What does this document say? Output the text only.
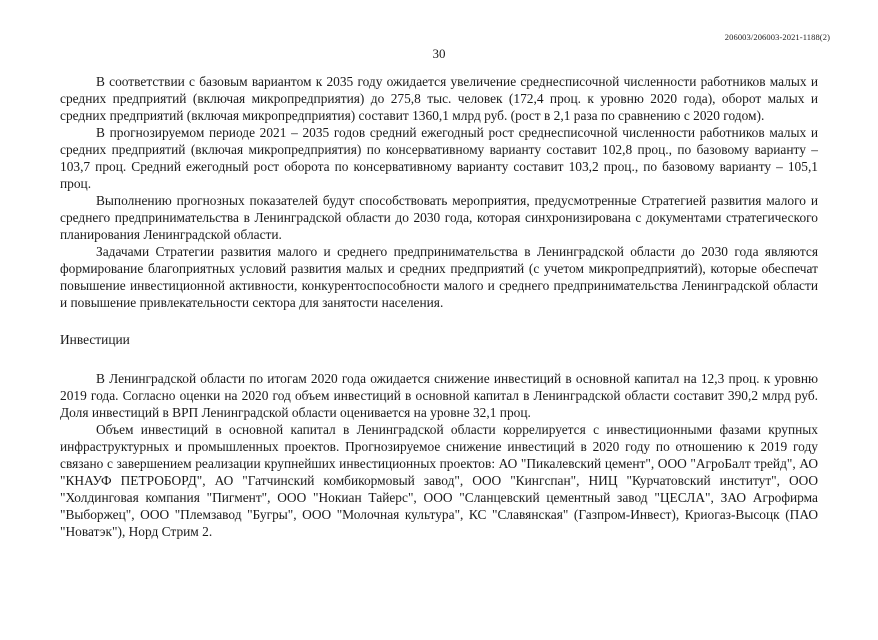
206003/206003-2021-1188(2)
30

В соответствии с базовым вариантом к 2035 году ожидается увеличение среднесписочной численности работников малых и средних предприятий (включая микропредприятия) до 275,8 тыс. человек (172,4 проц. к уровню 2020 года), оборот малых и средних предприятий (включая микропредприятия) составит 1360,1 млрд руб. (рост в 2,1 раза по сравнению с 2020 годом).

В прогнозируемом периоде 2021 – 2035 годов средний ежегодный рост среднесписочной численности работников малых и средних предприятий (включая микропредприятия) по консервативному варианту составит 102,8 проц., по базовому варианту – 103,7 проц. Средний ежегодный рост оборота по консервативному варианту составит 103,2 проц., по базовому варианту – 105,1 проц.

Выполнению прогнозных показателей будут способствовать мероприятия, предусмотренные Стратегией развития малого и среднего предпринимательства в Ленинградской области до 2030 года, которая синхронизирована с документами стратегического планирования Ленинградской области.

Задачами Стратегии развития малого и среднего предпринимательства в Ленинградской области до 2030 года являются формирование благоприятных условий развития малых и средних предприятий (с учетом микропредприятий), которые обеспечат повышение инвестиционной активности, конкурентоспособности малого и среднего предпринимательства Ленинградской области и повышение привлекательности сектора для занятости населения.

Инвестиции

В Ленинградской области по итогам 2020 года ожидается снижение инвестиций в основной капитал на 12,3 проц. к уровню 2019 года. Согласно оценки на 2020 год объем инвестиций в основной капитал в Ленинградской области составит 390,2 млрд руб. Доля инвестиций в ВРП Ленинградской области оценивается на уровне 32,1 проц.

Объем инвестиций в основной капитал в Ленинградской области коррелируется с инвестиционными фазами крупных инфраструктурных и промышленных проектов. Прогнозируемое снижение инвестиций в 2020 году по отношению к 2019 году связано с завершением реализации крупнейших инвестиционных проектов: АО "Пикалевский цемент", ООО "АгроБалт трейд", АО "КНАУФ ПЕТРОБОРД", АО "Гатчинский комбикормовый завод", ООО "Кингспан", НИЦ "Курчатовский институт", ООО "Холдинговая компания "Пигмент", ООО "Нокиан Тайерс", ООО "Сланцевский цементный завод "ЦЕСЛА", ЗАО Агрофирма "Выборжец", ООО "Племзавод "Бугры", ООО "Молочная культура", КС "Славянская" (Газпром-Инвест), Криогаз-Высоцк (ПАО "Новатэк"), Норд Стрим 2.
